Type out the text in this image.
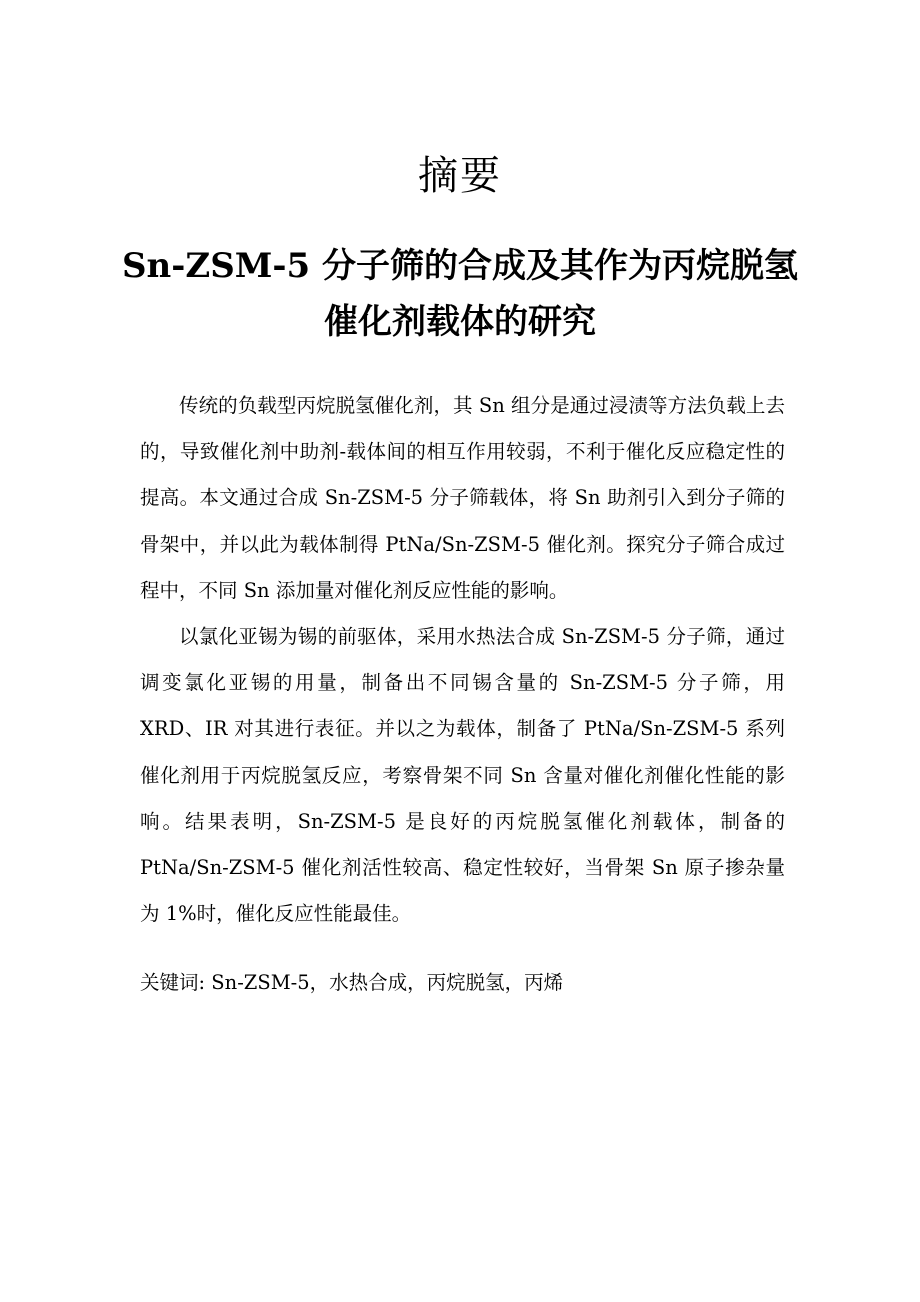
摘要
Sn-ZSM-5 分子筛的合成及其作为丙烷脱氢
催化剂载体的研究

传统的负载型丙烷脱氢催化剂，其 Sn 组分是通过浸渍等方法负载上去的，导致催化剂中助剂-载体间的相互作用较弱，不利于催化反应稳定性的提高。本文通过合成 Sn-ZSM-5 分子筛载体，将 Sn 助剂引入到分子筛的骨架中，并以此为载体制得 PtNa/Sn-ZSM-5 催化剂。探究分子筛合成过程中，不同 Sn 添加量对催化剂反应性能的影响。

以氯化亚锡为锡的前驱体，采用水热法合成 Sn-ZSM-5 分子筛，通过调变氯化亚锡的用量，制备出不同锡含量的 Sn-ZSM-5 分子筛，用 XRD、IR 对其进行表征。并以之为载体，制备了 PtNa/Sn-ZSM-5 系列催化剂用于丙烷脱氢反应，考察骨架不同 Sn 含量对催化剂催化性能的影响。结果表明，Sn-ZSM-5 是良好的丙烷脱氢催化剂载体，制备的 PtNa/Sn-ZSM-5 催化剂活性较高、稳定性较好，当骨架 Sn 原子掺杂量为 1%时，催化反应性能最佳。

关键词: Sn-ZSM-5，水热合成，丙烷脱氢，丙烯
